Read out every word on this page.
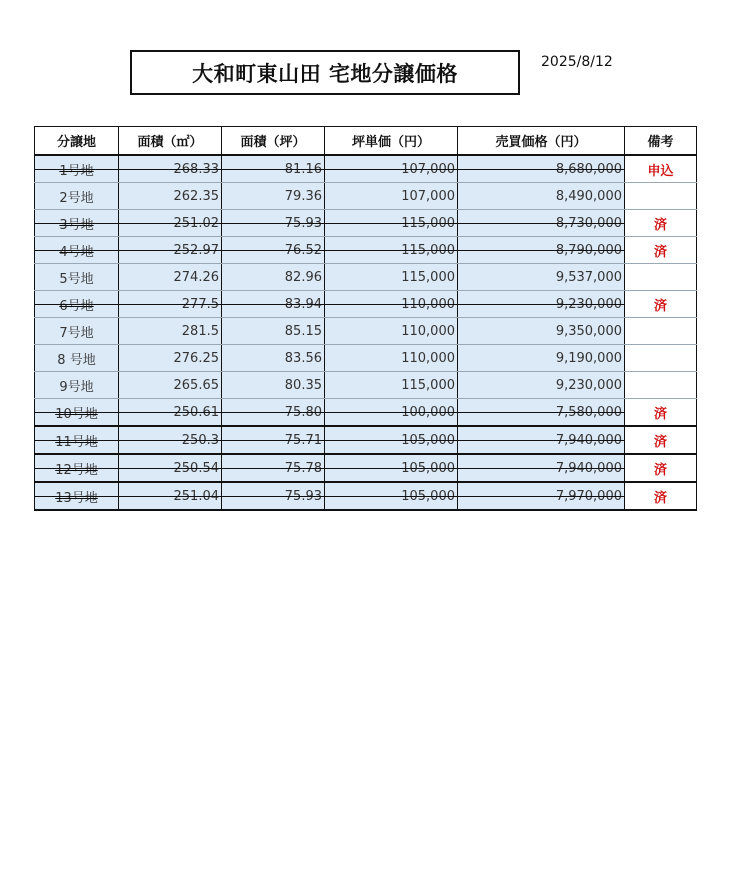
大和町東山田 宅地分譲価格	2025/8/12
分譲地	面積（㎡）	面積（坪）	坪単価（円）	売買価格（円）	備考
1号地	268.33	81.16	107,000	8,680,000	申込
2号地	262.35	79.36	107,000	8,490,000	
3号地	251.02	75.93	115,000	8,730,000	済
4号地	252.97	76.52	115,000	8,790,000	済
5号地	274.26	82.96	115,000	9,537,000	
6号地	277.5	83.94	110,000	9,230,000	済
7号地	281.5	85.15	110,000	9,350,000	
8 号地	276.25	83.56	110,000	9,190,000	
9号地	265.65	80.35	115,000	9,230,000	
10号地	250.61	75.80	100,000	7,580,000	済
11号地	250.3	75.71	105,000	7,940,000	済
12号地	250.54	75.78	105,000	7,940,000	済
13号地	251.04	75.93	105,000	7,970,000	済
